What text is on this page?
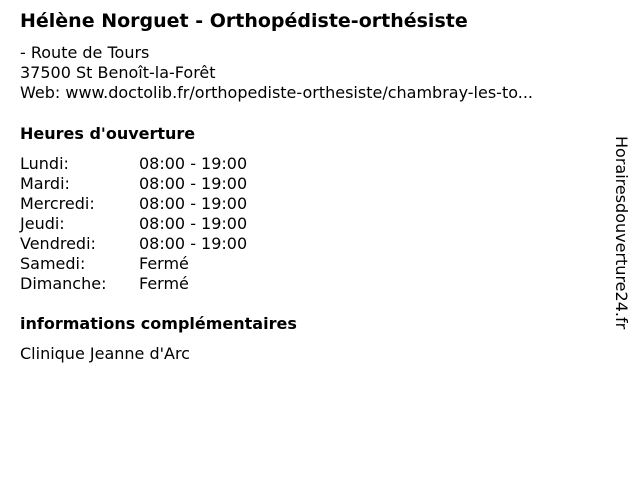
Hélène Norguet - Orthopédiste-orthésiste
- Route de Tours
37500 St Benoît-la-Forêt
Web: www.doctolib.fr/orthopediste-orthesiste/chambray-les-to...
Heures d'ouverture
Lundi:	08:00 - 19:00
Mardi:	08:00 - 19:00
Mercredi:	08:00 - 19:00
Jeudi:	08:00 - 19:00
Vendredi:	08:00 - 19:00
Samedi:	Fermé
Dimanche:	Fermé
informations complémentaires
Clinique Jeanne d'Arc
Horairesdouverture24.fr
